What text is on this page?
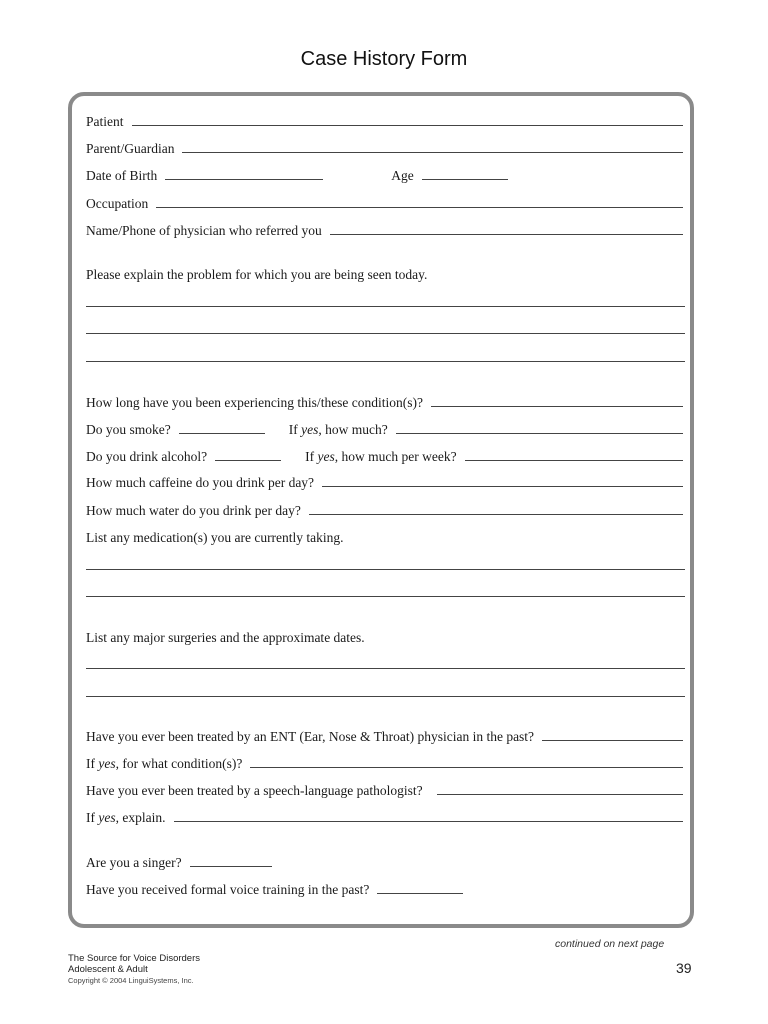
Case History Form
Patient
Parent/Guardian
Date of Birth	Age
Occupation
Name/Phone of physician who referred you
Please explain the problem for which you are being seen today.
How long have you been experiencing this/these condition(s)?
Do you smoke?	If yes, how much?
Do you drink alcohol?	If yes, how much per week?
How much caffeine do you drink per day?
How much water do you drink per day?
List any medication(s) you are currently taking.
List any major surgeries and the approximate dates.
Have you ever been treated by an ENT (Ear, Nose & Throat) physician in the past?
If yes, for what condition(s)?
Have you ever been treated by a speech-language pathologist?
If yes, explain.
Are you a singer?
Have you received formal voice training in the past?
continued on next page
The Source for Voice Disorders
Adolescent & Adult
Copyright © 2004 LinguiSystems, Inc.
39
